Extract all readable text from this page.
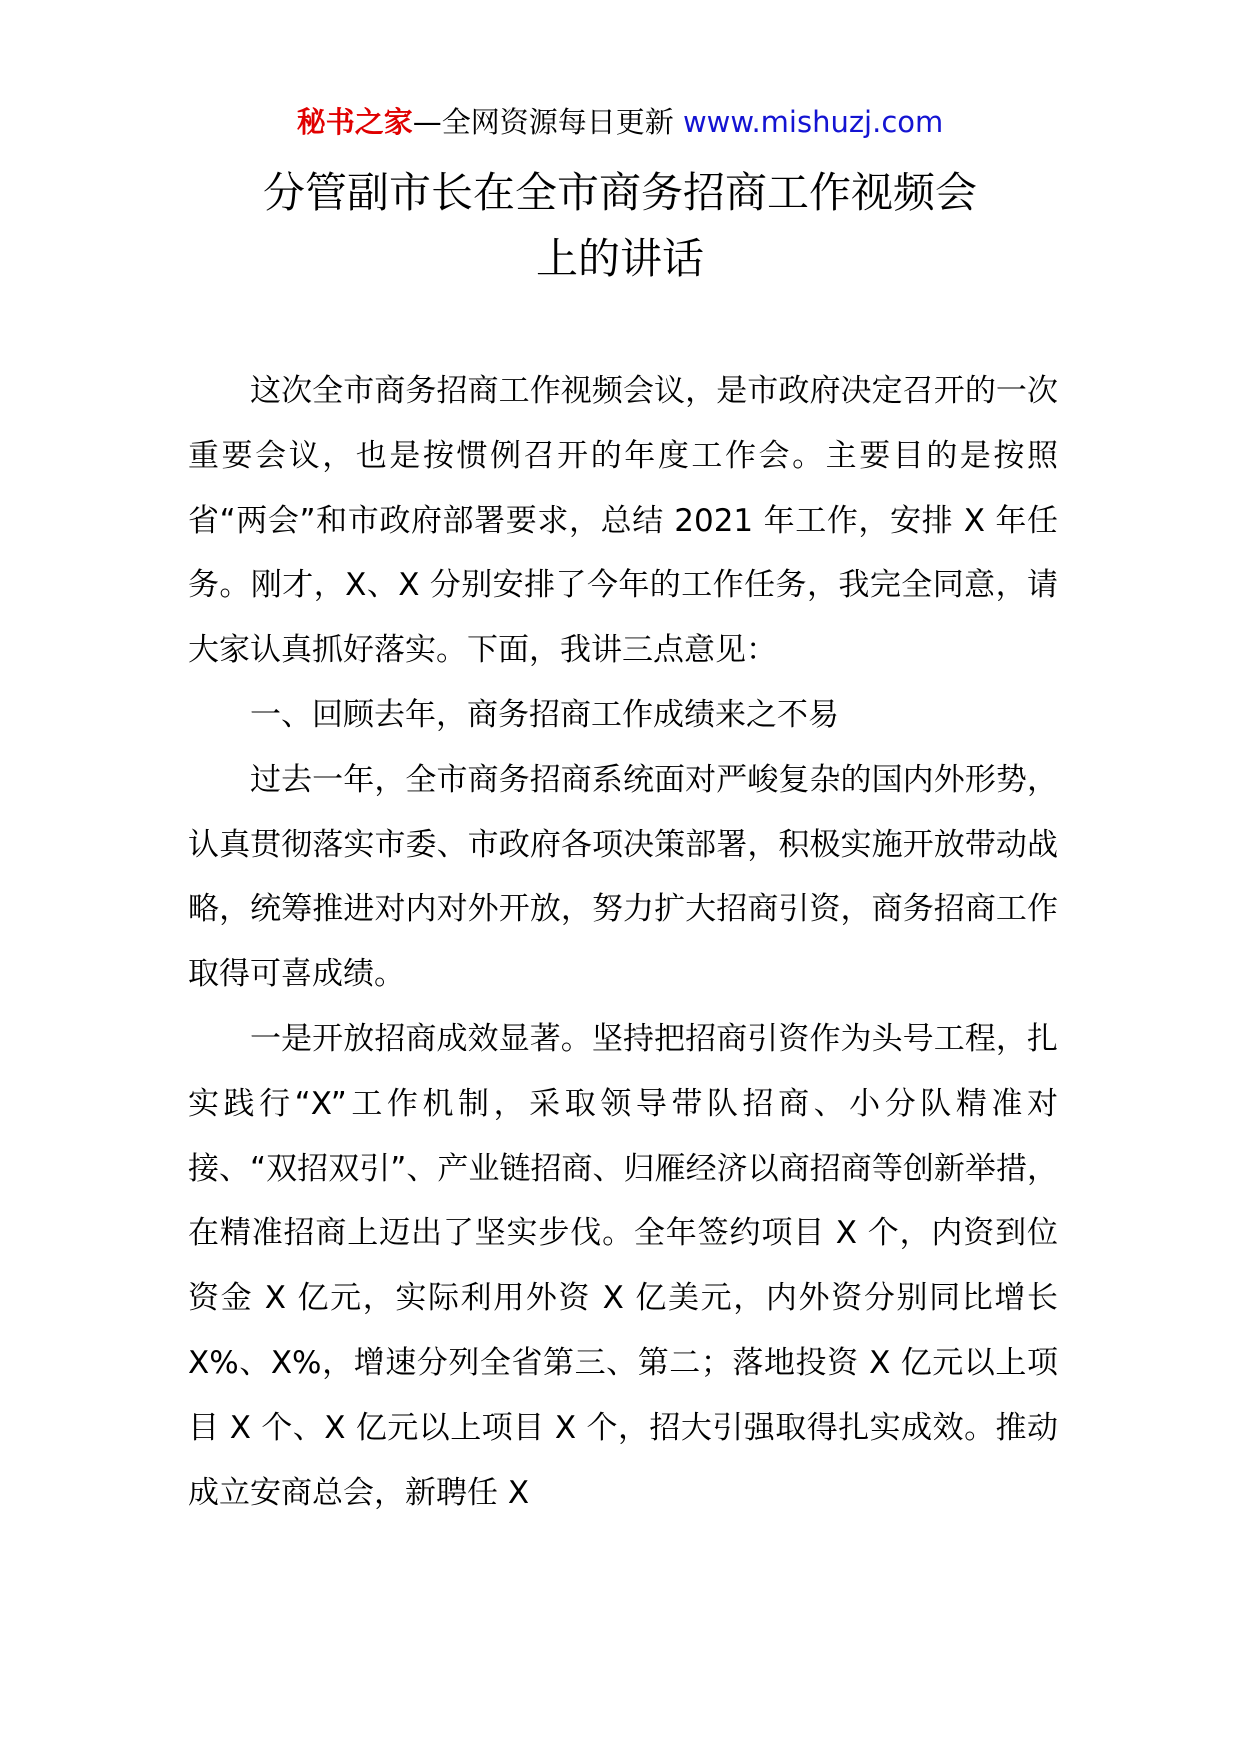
秘书之家—全网资源每日更新 www.mishuzj.com
分管副市长在全市商务招商工作视频会
上的讲话

这次全市商务招商工作视频会议，是市政府决定召开的一次重要会议，也是按惯例召开的年度工作会。主要目的是按照省“两会”和市政府部署要求，总结 2021 年工作，安排 X 年任务。刚才，X、X 分别安排了今年的工作任务，我完全同意，请大家认真抓好落实。下面，我讲三点意见：

一、回顾去年，商务招商工作成绩来之不易

过去一年，全市商务招商系统面对严峻复杂的国内外形势，认真贯彻落实市委、市政府各项决策部署，积极实施开放带动战略，统筹推进对内对外开放，努力扩大招商引资，商务招商工作取得可喜成绩。

一是开放招商成效显著。坚持把招商引资作为头号工程，扎实践行“X”工作机制，采取领导带队招商、小分队精准对接、“双招双引”、产业链招商、归雁经济以商招商等创新举措，在精准招商上迈出了坚实步伐。全年签约项目 X 个，内资到位资金 X 亿元，实际利用外资 X 亿美元，内外资分别同比增长 X%、X%，增速分列全省第三、第二；落地投资 X 亿元以上项目 X 个、X 亿元以上项目 X 个，招大引强取得扎实成效。推动成立安商总会，新聘任 X
